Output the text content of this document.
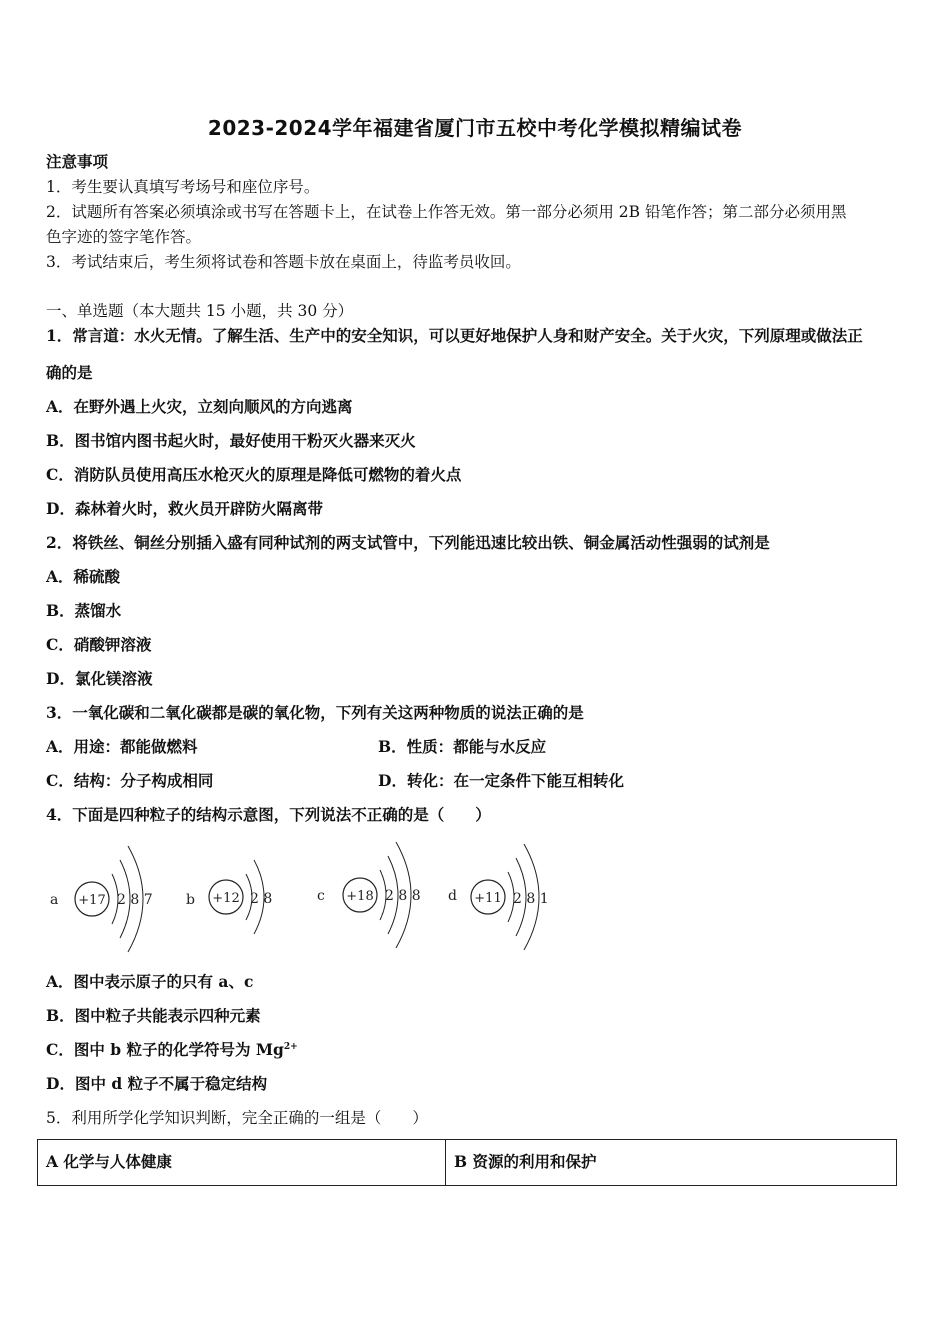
2023-2024学年福建省厦门市五校中考化学模拟精编试卷
注意事项
1．考生要认真填写考场号和座位序号。
2．试题所有答案必须填涂或书写在答题卡上，在试卷上作答无效。第一部分必须用 2B 铅笔作答；第二部分必须用黑
色字迹的签字笔作答。
3．考试结束后，考生须将试卷和答题卡放在桌面上，待监考员收回。
一、单选题（本大题共 15 小题，共 30 分）
1．常言道：水火无情。了解生活、生产中的安全知识，可以更好地保护人身和财产安全。关于火灾，下列原理或做法正
确的是
A．在野外遇上火灾，立刻向顺风的方向逃离
B．图书馆内图书起火时，最好使用干粉灭火器来灭火
C．消防队员使用高压水枪灭火的原理是降低可燃物的着火点
D．森林着火时，救火员开辟防火隔离带
2．将铁丝、铜丝分别插入盛有同种试剂的两支试管中，下列能迅速比较出铁、铜金属活动性强弱的试剂是
A．稀硫酸
B．蒸馏水
C．硝酸钾溶液
D．氯化镁溶液
3．一氧化碳和二氧化碳都是碳的氧化物，下列有关这两种物质的说法正确的是
A．用途：都能做燃料	B．性质：都能与水反应
C．结构：分子构成相同	D．转化：在一定条件下能互相转化
4．下面是四种粒子的结构示意图，下列说法不正确的是（　　）
a +17 2 8 7 b +12 2 8	c +18 2 8 8 d +11 2 8 1
A．图中表示原子的只有 a、c
B．图中粒子共能表示四种元素
C．图中 b 粒子的化学符号为 $Mg^{2+}$
D．图中 d 粒子不属于稳定结构
5．利用所学化学知识判断，完全正确的一组是（　　）
A 化学与人体健康	B 资源的利用和保护
